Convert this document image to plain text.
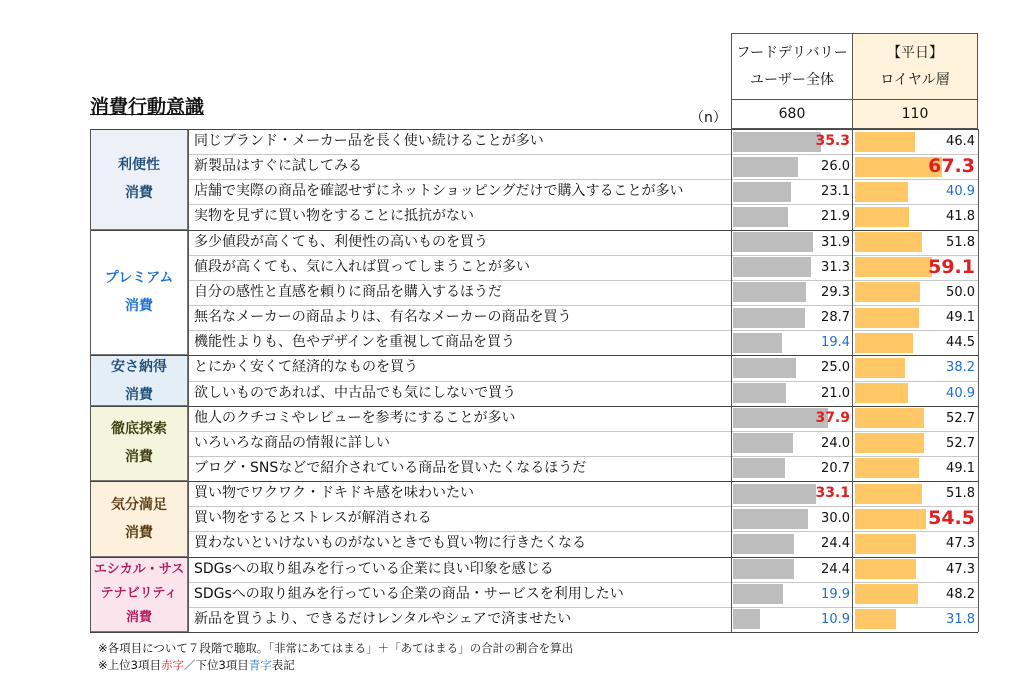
消費行動意識	（n）
フードデリバリー
ユーザー全体
【平日】
ロイヤル層
680	110
利便性
消費
同じブランド・メーカー品を長く使い続けることが多い	35.3	46.4
新製品はすぐに試してみる	26.0	67.3
店舗で実際の商品を確認せずにネットショッピングだけで購入することが多い	23.1	40.9
実物を見ずに買い物をすることに抵抗がない	21.9	41.8
プレミアム
消費
多少値段が高くても、利便性の高いものを買う	31.9	51.8
値段が高くても、気に入れば買ってしまうことが多い	31.3	59.1
自分の感性と直感を頼りに商品を購入するほうだ	29.3	50.0
無名なメーカーの商品よりは、有名なメーカーの商品を買う	28.7	49.1
機能性よりも、色やデザインを重視して商品を買う	19.4	44.5
安さ納得
消費
とにかく安くて経済的なものを買う	25.0	38.2
欲しいものであれば、中古品でも気にしないで買う	21.0	40.9
徹底探索
消費
他人のクチコミやレビューを参考にすることが多い	37.9	52.7
いろいろな商品の情報に詳しい	24.0	52.7
ブログ・SNSなどで紹介されている商品を買いたくなるほうだ	20.7	49.1
気分満足
消費
買い物でワクワク・ドキドキ感を味わいたい	33.1	51.8
買い物をするとストレスが解消される	30.0	54.5
買わないといけないものがないときでも買い物に行きたくなる	24.4	47.3
エシカル・サス
テナビリティ
消費
SDGsへの取り組みを行っている企業に良い印象を感じる	24.4	47.3
SDGsへの取り組みを行っている企業の商品・サービスを利用したい	19.9	48.2
新品を買うより、できるだけレンタルやシェアで済ませたい	10.9	31.8
※各項目について７段階で聴取。「非常にあてはまる」＋「あてはまる」の合計の割合を算出
※上位3項目赤字／下位3項目青字表記
